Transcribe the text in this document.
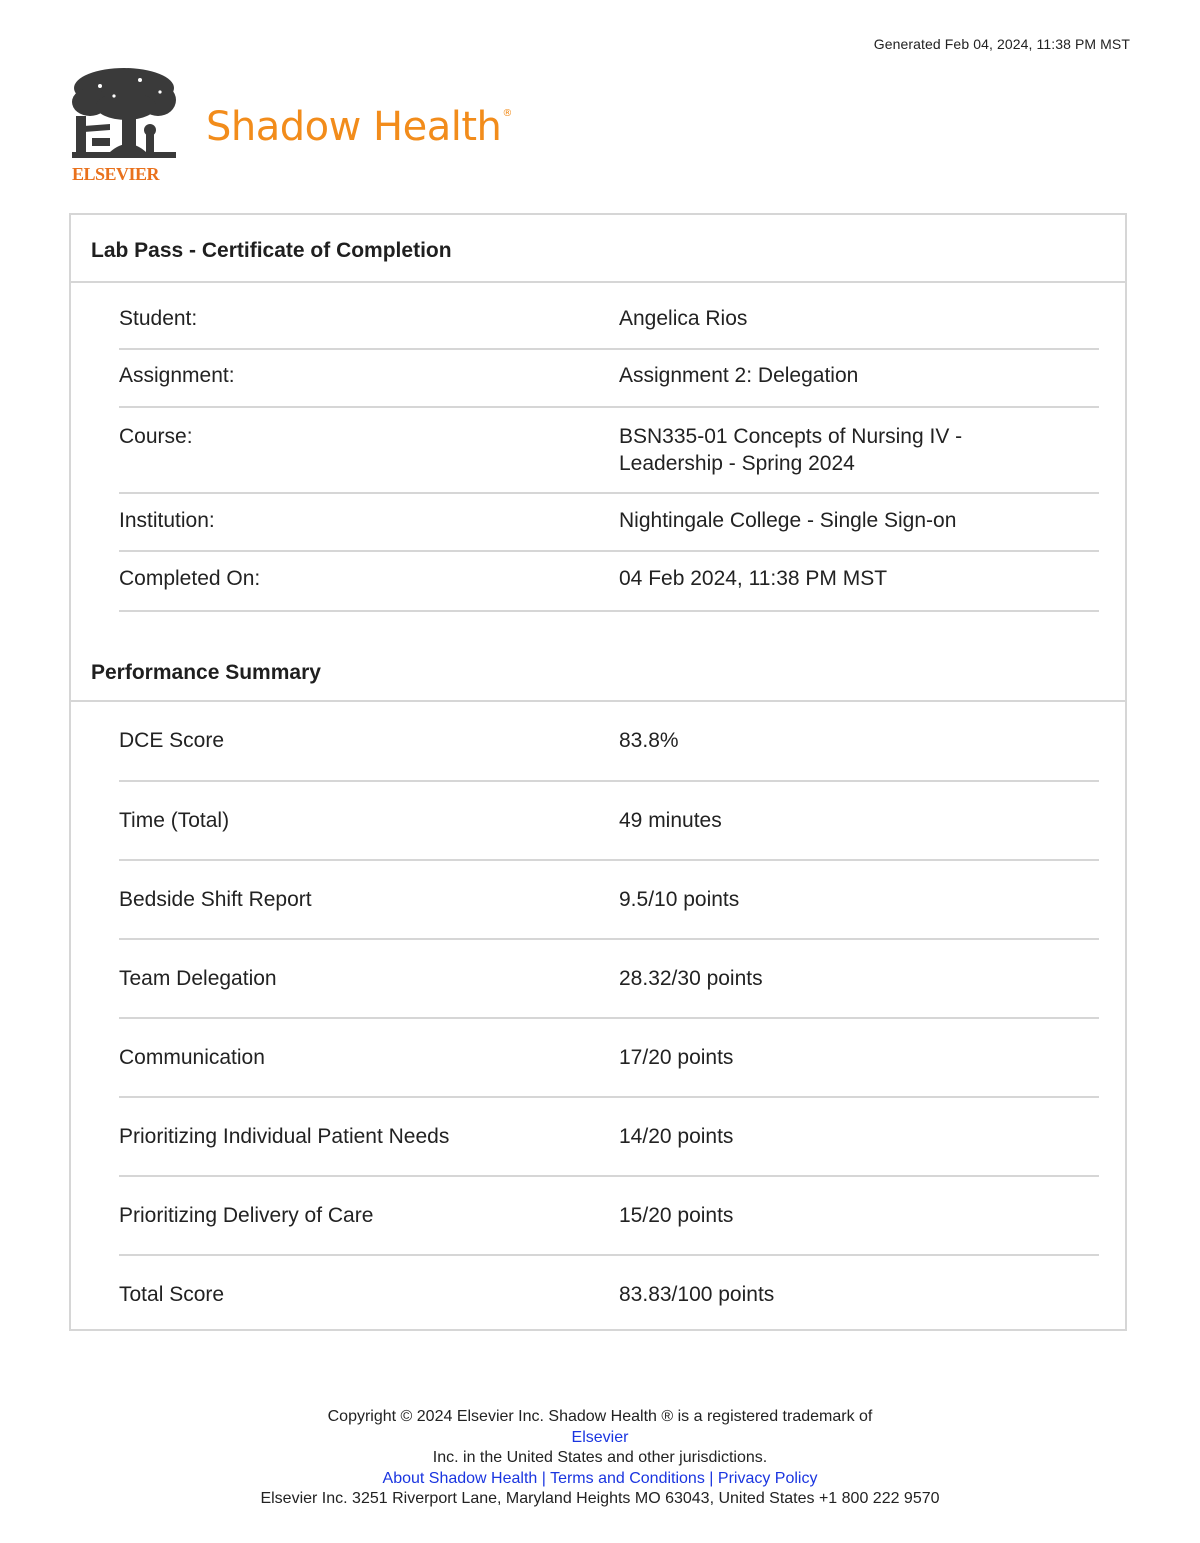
Generated Feb 04, 2024, 11:38 PM MST
ELSEVIER
Shadow Health®
Lab Pass - Certificate of Completion
Student:	Angelica Rios
Assignment:	Assignment 2: Delegation
Course:	BSN335-01 Concepts of Nursing IV - Leadership - Spring 2024
Institution:	Nightingale College - Single Sign-on
Completed On:	04 Feb 2024, 11:38 PM MST
Performance Summary
DCE Score	83.8%
Time (Total)	49 minutes
Bedside Shift Report	9.5/10 points
Team Delegation	28.32/30 points
Communication	17/20 points
Prioritizing Individual Patient Needs	14/20 points
Prioritizing Delivery of Care	15/20 points
Total Score	83.83/100 points
Copyright © 2024 Elsevier Inc. Shadow Health ® is a registered trademark of
Elsevier
Inc. in the United States and other jurisdictions.
About Shadow Health | Terms and Conditions | Privacy Policy
Elsevier Inc. 3251 Riverport Lane, Maryland Heights MO 63043, United States +1 800 222 9570
